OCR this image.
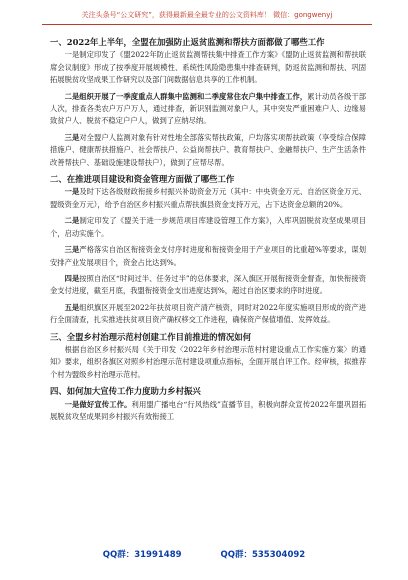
关注头条号“公文研究”，获得最新最全最专业的公文资料库！ 微信：gongwenyj
一、2022年上半年，全盟在加强防止返贫监测和帮扶方面都做了哪些工作
一是制定印发了《盟2022年防止返贫监测帮扶集中排查工作方案》《盟防止返贫监测和帮扶联席会议制度》形成了按季度开展规模性、系统性风险隐患集中排查研判，防返贫监测和帮扶、巩固拓展脱贫攻坚成果工作研究以及部门间数据信息共享的工作机制。
二是组织开展了一季度重点人群集中监测和二季度常住农户集中排查工作，累计动员各级干部人次，排查各类农户万户万人，通过排查，新识别监测对象户人，其中突发严重困难户人、边缘易致贫户人、脱贫不稳定户户人，做到了应纳尽纳。
三是对全盟户人监测对象有针对性地全部落实帮扶政策，户均落实项帮扶政策（享受综合保障措施户、健康帮扶措施户、社会帮扶户、公益岗帮扶户、教育帮扶户、金融帮扶户、生产生活条件改善帮扶户、基础设施建设帮扶户），做到了应帮尽帮。
二、在推进项目建设和资金管理方面做了哪些工作
一是及时下达各级财政衔接乡村振兴补助资金万元（其中：中央资金万元、自治区资金万元、盟级资金万元），给予自治区乡村振兴重点帮扶旗县资金支持万元，占下达资金总额的20%。
二是制定印发了《盟关于进一步规范项目库建设管理工作方案》，入库巩固脱贫攻坚成果项目个，启动实施个。
三是严格落实自治区衔接资金支付序时进度和衔接资金用于产业项目的比重超%等要求，谋划安排产业发展项目个，资金占比达到%。
四是按照自治区“时间过半、任务过半”的总体要求，深入旗区开展衔接资金督查，加快衔接资金支付进度，截至月底，我盟衔接资金支出进度达到%，超过自治区要求的序时进度。
五是组织旗区开展至2022年扶贫项目资产清产核资，同时对2022年度实施项目形成的资产进行全面清查，扎实推进扶贫项目资产确权移交工作进程，确保资产保值增值、发挥效益。
三、全盟乡村治理示范村创建工作目前推进的情况如何
根据自治区乡村振兴局《关于印发〈2022年乡村治理示范村村建设重点工作实施方案〉的通知》要求，组织各旗区对照乡村治理示范村建设项重点指标，全面开展自评工作。经审核，拟推荐个村为盟级乡村治理示范村。
四、如何加大宣传工作力度助力乡村振兴
一是做好宣传工作。利用盟广播电台“行风热线”直播节目，积极向群众宣传2022年盟巩固拓展脱贫攻坚成果同乡村振兴有效衔接工
QQ群：31991489	QQ群：535304092
